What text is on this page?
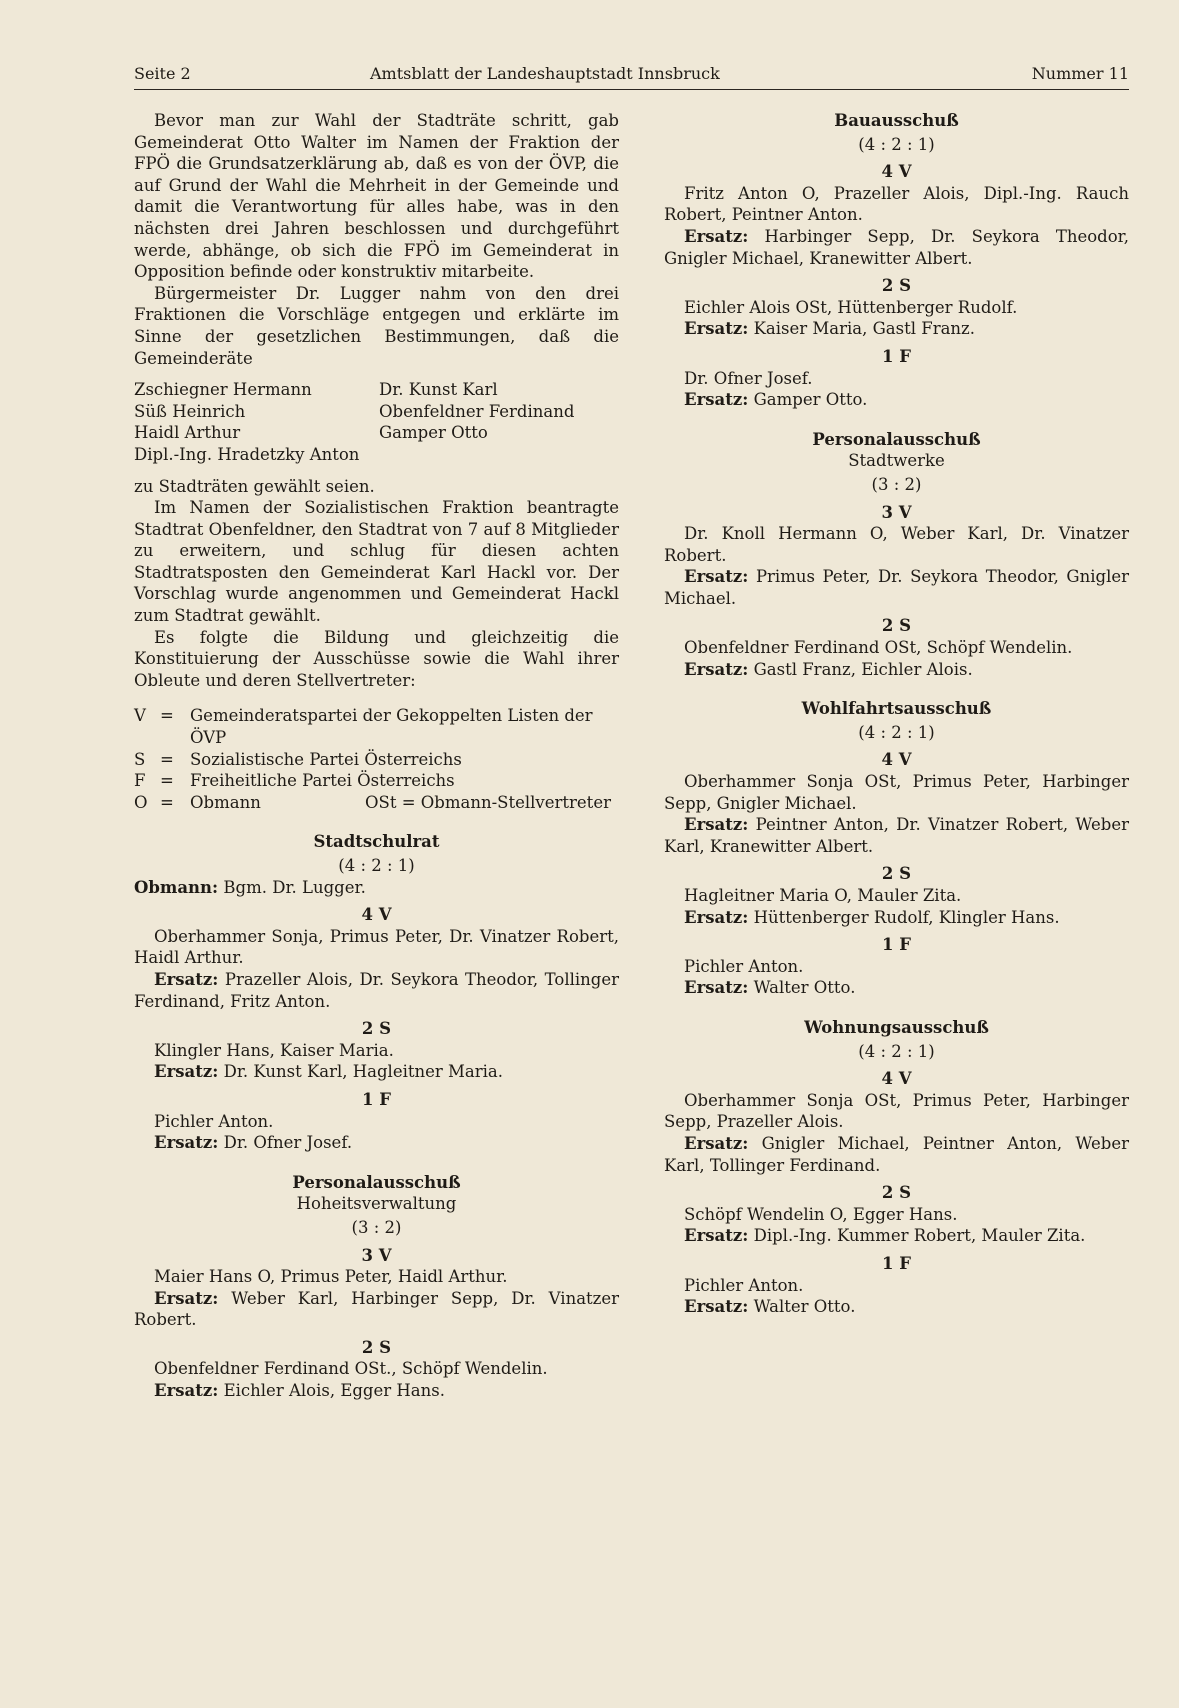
Seite 2	Amtsblatt der Landeshauptstadt Innsbruck	Nummer 11

Bevor man zur Wahl der Stadträte schritt, gab Gemeinderat Otto Walter im Namen der Fraktion der FPÖ die Grundsatzerklärung ab, daß es von der ÖVP, die auf Grund der Wahl die Mehrheit in der Gemeinde und damit die Verantwortung für alles habe, was in den nächsten drei Jahren beschlossen und durchgeführt werde, abhänge, ob sich die FPÖ im Gemeinderat in Opposition befinde oder konstruktiv mitarbeite.

Bürgermeister Dr. Lugger nahm von den drei Fraktionen die Vorschläge entgegen und erklärte im Sinne der gesetzlichen Bestimmungen, daß die Gemeinderäte

Zschiegner Hermann	Dr. Kunst Karl
Süß Heinrich	Obenfeldner Ferdinand
Haidl Arthur	Gamper Otto
Dipl.-Ing. Hradetzky Anton

zu Stadträten gewählt seien.

Im Namen der Sozialistischen Fraktion beantragte Stadtrat Obenfeldner, den Stadtrat von 7 auf 8 Mitglieder zu erweitern, und schlug für diesen achten Stadtratsposten den Gemeinderat Karl Hackl vor. Der Vorschlag wurde angenommen und Gemeinderat Hackl zum Stadtrat gewählt.

Es folgte die Bildung und gleichzeitig die Konstituierung der Ausschüsse sowie die Wahl ihrer Obleute und deren Stellvertreter:

V = Gemeinderatspartei der Gekoppelten Listen der ÖVP
S = Sozialistische Partei Österreichs
F = Freiheitliche Partei Österreichs
O = Obmann	OSt = Obmann-Stellvertreter
Stadtschulrat
(4 : 2 : 1)

Obmann: Bgm. Dr. Lugger.

4 V

Oberhammer Sonja, Primus Peter, Dr. Vinatzer Robert, Haidl Arthur.

Ersatz: Prazeller Alois, Dr. Seykora Theodor, Tollinger Ferdinand, Fritz Anton.

2 S

Klingler Hans, Kaiser Maria.

Ersatz: Dr. Kunst Karl, Hagleitner Maria.

1 F

Pichler Anton.

Ersatz: Dr. Ofner Josef.

Personalausschuß
Hoheitsverwaltung
(3 : 2)
3 V

Maier Hans O, Primus Peter, Haidl Arthur.

Ersatz: Weber Karl, Harbinger Sepp, Dr. Vinatzer Robert.

2 S

Obenfeldner Ferdinand OSt., Schöpf Wendelin.

Ersatz: Eichler Alois, Egger Hans.

Bauausschuß
(4 : 2 : 1)
4 V

Fritz Anton O, Prazeller Alois, Dipl.-Ing. Rauch Robert, Peintner Anton.

Ersatz: Harbinger Sepp, Dr. Seykora Theodor, Gnigler Michael, Kranewitter Albert.

2 S

Eichler Alois OSt, Hüttenberger Rudolf.

Ersatz: Kaiser Maria, Gastl Franz.

1 F

Dr. Ofner Josef.

Ersatz: Gamper Otto.

Personalausschuß
Stadtwerke
(3 : 2)
3 V

Dr. Knoll Hermann O, Weber Karl, Dr. Vinatzer Robert.

Ersatz: Primus Peter, Dr. Seykora Theodor, Gnigler Michael.

2 S

Obenfeldner Ferdinand OSt, Schöpf Wendelin.

Ersatz: Gastl Franz, Eichler Alois.

Wohlfahrtsausschuß
(4 : 2 : 1)
4 V

Oberhammer Sonja OSt, Primus Peter, Harbinger Sepp, Gnigler Michael.

Ersatz: Peintner Anton, Dr. Vinatzer Robert, Weber Karl, Kranewitter Albert.

2 S

Hagleitner Maria O, Mauler Zita.

Ersatz: Hüttenberger Rudolf, Klingler Hans.

1 F

Pichler Anton.

Ersatz: Walter Otto.

Wohnungsausschuß
(4 : 2 : 1)
4 V

Oberhammer Sonja OSt, Primus Peter, Harbinger Sepp, Prazeller Alois.

Ersatz: Gnigler Michael, Peintner Anton, Weber Karl, Tollinger Ferdinand.

2 S

Schöpf Wendelin O, Egger Hans.

Ersatz: Dipl.-Ing. Kummer Robert, Mauler Zita.

1 F

Pichler Anton.

Ersatz: Walter Otto.
